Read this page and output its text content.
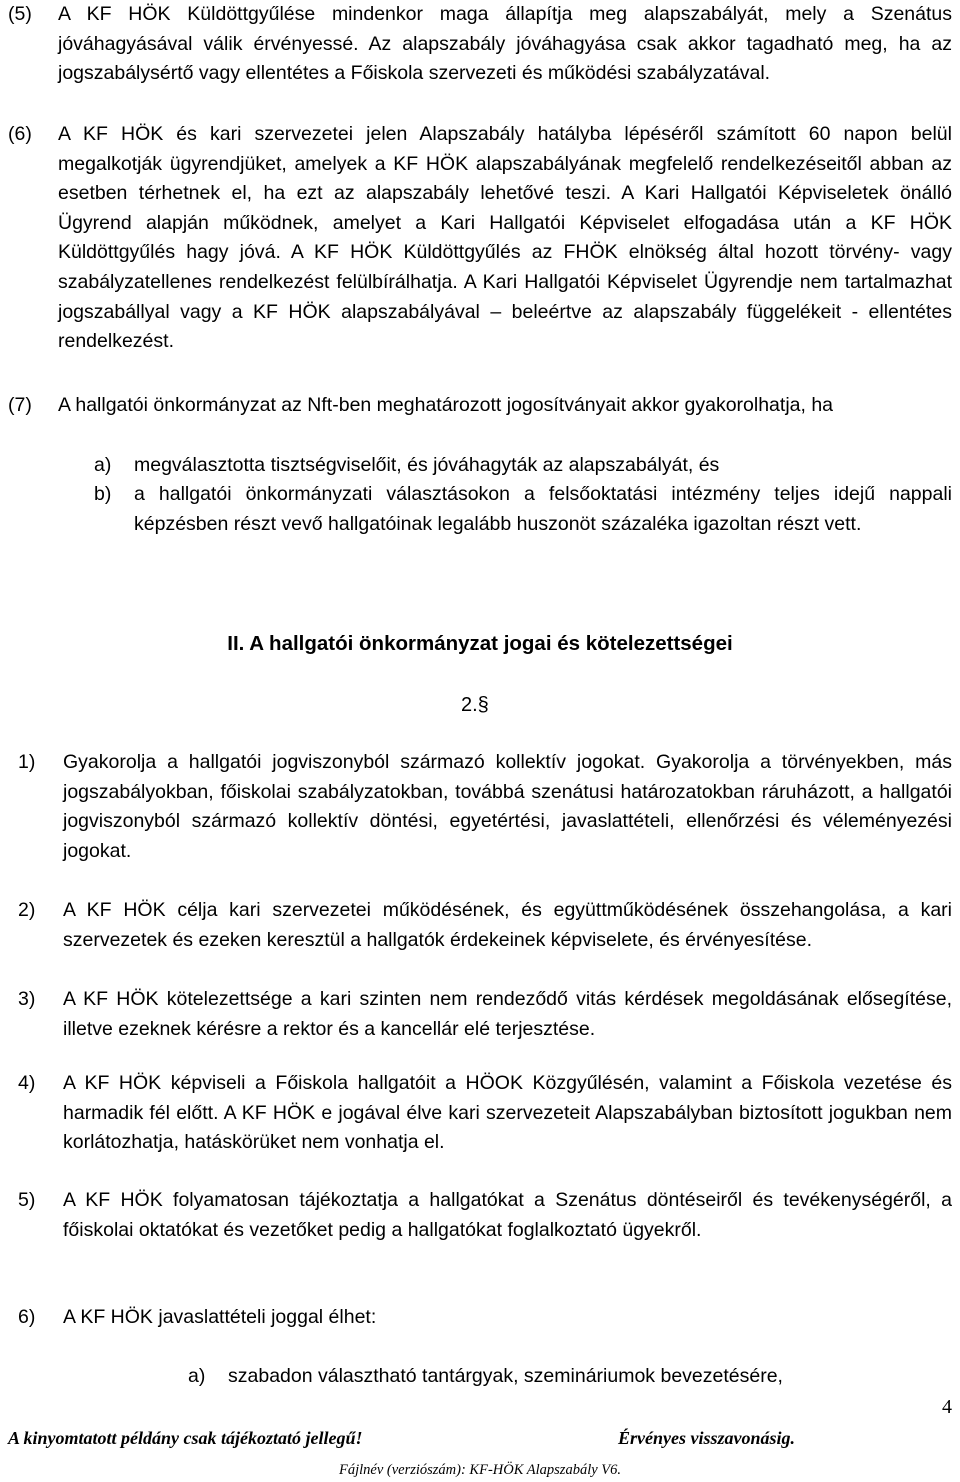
(5) A KF HÖK Küldöttgyűlése mindenkor maga állapítja meg alapszabályát, mely a Szenátus jóváhagyásával válik érvényessé. Az alapszabály jóváhagyása csak akkor tagadható meg, ha az jogszabálysértő vagy ellentétes a Főiskola szervezeti és működési szabályzatával.
(6) A KF HÖK és kari szervezetei jelen Alapszabály hatályba lépéséről számított 60 napon belül megalkotják ügyrendjüket, amelyek a KF HÖK alapszabályának megfelelő rendelkezéseitől abban az esetben térhetnek el, ha ezt az alapszabály lehetővé teszi. A Kari Hallgatói Képviseletek önálló Ügyrend alapján működnek, amelyet a Kari Hallgatói Képviselet elfogadása után a KF HÖK Küldöttgyűlés hagy jóvá. A KF HÖK Küldöttgyűlés az FHÖK elnökség által hozott törvény- vagy szabályzatellenes rendelkezést felülbírálhatja. A Kari Hallgatói Képviselet Ügyrendje nem tartalmazhat jogszabállyal vagy a KF HÖK alapszabályával – beleértve az alapszabály függelékeit - ellentétes rendelkezést.
(7) A hallgatói önkormányzat az Nft-ben meghatározott jogosítványait akkor gyakorolhatja, ha
a) megválasztotta tisztségviselőit, és jóváhagyták az alapszabályát, és
b) a hallgatói önkormányzati választásokon a felsőoktatási intézmény teljes idejű nappali képzésben részt vevő hallgatóinak legalább huszonöt százaléka igazoltan részt vett.
II. A hallgatói önkormányzat jogai és kötelezettségei
2.§
1) Gyakorolja a hallgatói jogviszonyból származó kollektív jogokat. Gyakorolja a törvényekben, más jogszabályokban, főiskolai szabályzatokban, továbbá szenátusi határozatokban ráruházott, a hallgatói jogviszonyból származó kollektív döntési, egyetértési, javaslattételi, ellenőrzési és véleményezési jogokat.
2) A KF HÖK célja kari szervezetei működésének, és együttműködésének összehangolása, a kari szervezetek és ezeken keresztül a hallgatók érdekeinek képviselete, és érvényesítése.
3) A KF HÖK kötelezettsége a kari szinten nem rendeződő vitás kérdések megoldásának elősegítése, illetve ezeknek kérésre a rektor és a kancellár elé terjesztése.
4) A KF HÖK képviseli a Főiskola hallgatóit a HÖOK Közgyűlésén, valamint a Főiskola vezetése és harmadik fél előtt. A KF HÖK e jogával élve kari szervezeteit Alapszabályban biztosított jogukban nem korlátozhatja, hatáskörüket nem vonhatja el.
5) A KF HÖK folyamatosan tájékoztatja a hallgatókat a Szenátus döntéseiről és tevékenységéről, a főiskolai oktatókat és vezetőket pedig a hallgatókat foglalkoztató ügyekről.
6) A KF HÖK javaslattételi joggal élhet:
a) szabadon választható tantárgyak, szemináriumok bevezetésére,
4
A kinyomtatott példány csak tájékoztató jellegű!	Érvényes visszavonásig.
Fájlnév (verziószám): KF-HÖK Alapszabály V6.
